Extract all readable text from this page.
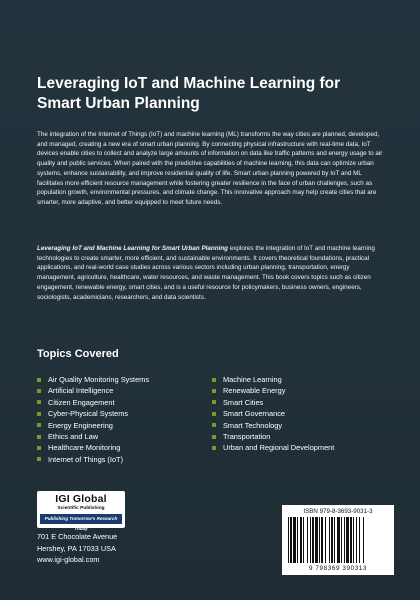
Leveraging IoT and Machine Learning for Smart Urban Planning

The integration of the Internet of Things (IoT) and machine learning (ML) transforms the way cities are planned, developed, and managed, creating a new era of smart urban planning. By connecting physical infrastructure with real-time data, IoT devices enable cities to collect and analyze large amounts of information on data like traffic patterns and energy usage to air quality and public services. When paired with the predictive capabilities of machine learning, this data can optimize urban systems, enhance sustainability, and improve residential quality of life. Smart urban planning powered by IoT and ML facilitates more efficient resource management while fostering greater resilience in the face of urban challenges, such as population growth, environmental pressures, and climate change. This innovative approach may help create cities that are smarter, more adaptive, and better equipped to meet future needs.

Leveraging IoT and Machine Learning for Smart Urban Planning explores the integration of IoT and machine learning technologies to create smarter, more efficient, and sustainable environments. It covers theoretical foundations, practical applications, and real-world case studies across various sectors including urban planning, transportation, energy management, agriculture, healthcare, water resources, and waste management. This book covers topics such as citizen engagement, renewable energy, smart cities, and is a useful resource for policymakers, business owners, engineers, sociologists, academicians, researchers, and data scientists.

Topics Covered
Air Quality Monitoring Systems
Artificial Intelligence
Citizen Engagement
Cyber-Physical Systems
Energy Engineering
Ethics and Law
Healthcare Monitoring
Internet of Things (IoT)
Machine Learning
Renewable Energy
Smart Cities
Smart Governance
Smart Technology
Transportation
Urban and Regional Development
IGI Global
Scientific Publishing
Publishing Tomorrow's Research Today
701 E Chocolate Avenue
Hershey, PA 17033 USA
www.igi-global.com
ISBN 979-8-3693-9031-3
9 798369 390313
